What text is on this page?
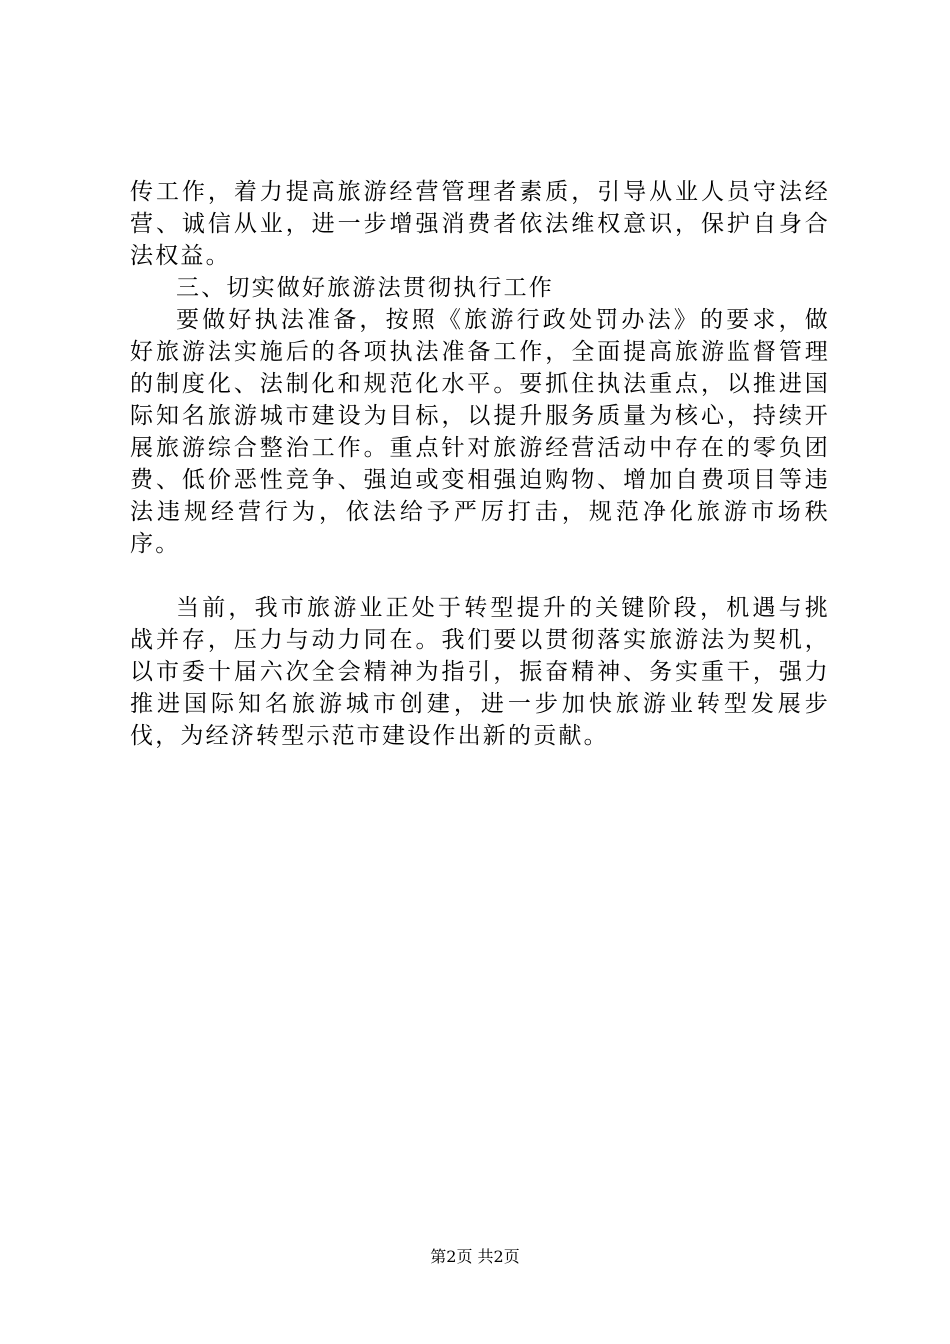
传工作，着力提高旅游经营管理者素质，引导从业人员守法经营、诚信从业，进一步增强消费者依法维权意识，保护自身合法权益。

三、切实做好旅游法贯彻执行工作

要做好执法准备，按照《旅游行政处罚办法》的要求，做好旅游法实施后的各项执法准备工作，全面提高旅游监督管理的制度化、法制化和规范化水平。要抓住执法重点，以推进国际知名旅游城市建设为目标，以提升服务质量为核心，持续开展旅游综合整治工作。重点针对旅游经营活动中存在的零负团费、低价恶性竞争、强迫或变相强迫购物、增加自费项目等违法违规经营行为，依法给予严厉打击，规范净化旅游市场秩序。

当前，我市旅游业正处于转型提升的关键阶段，机遇与挑战并存，压力与动力同在。我们要以贯彻落实旅游法为契机，以市委十届六次全会精神为指引，振奋精神、务实重干，强力推进国际知名旅游城市创建，进一步加快旅游业转型发展步伐，为经济转型示范市建设作出新的贡献。

第2页 共2页
